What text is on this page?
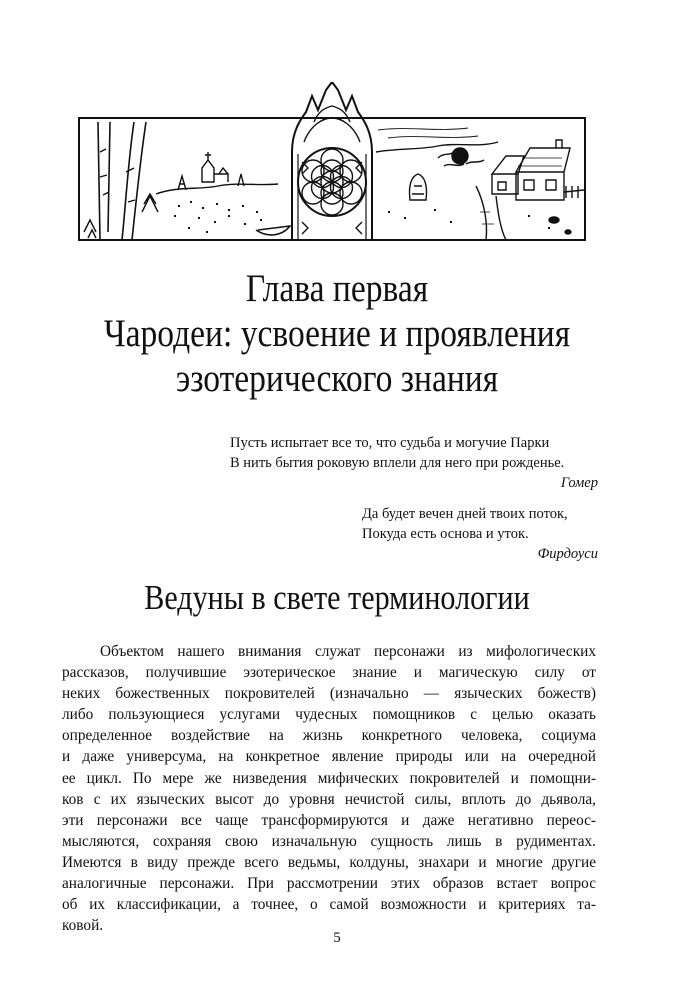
Глава первая
Чародеи: усвоение и проявления
эзотерического знания
Пусть испытает все то, что судьба и могучие Парки
В нить бытия роковую вплели для него при рожденье.
Гомер
Да будет вечен дней твоих поток,
Покуда есть основа и уток.
Фирдоуси
Ведуны в свете терминологии
Объектом нашего внимания служат персонажи из мифологических
рассказов, получившие эзотерическое знание и магическую силу от
неких божественных покровителей (изначально — языческих божеств)
либо пользующиеся услугами чудесных помощников с целью оказать
определенное воздействие на жизнь конкретного человека, социума
и даже универсума, на конкретное явление природы или на очередной
ее цикл. По мере же низведения мифических покровителей и помощни-
ков с их языческих высот до уровня нечистой силы, вплоть до дьявола,
эти персонажи все чаще трансформируются и даже негативно переос-
мысляются, сохраняя свою изначальную сущность лишь в рудиментах.
Имеются в виду прежде всего ведьмы, колдуны, знахари и многие другие
аналогичные персонажи. При рассмотрении этих образов встает вопрос
об их классификации, а точнее, о самой возможности и критериях та-
ковой.
5
